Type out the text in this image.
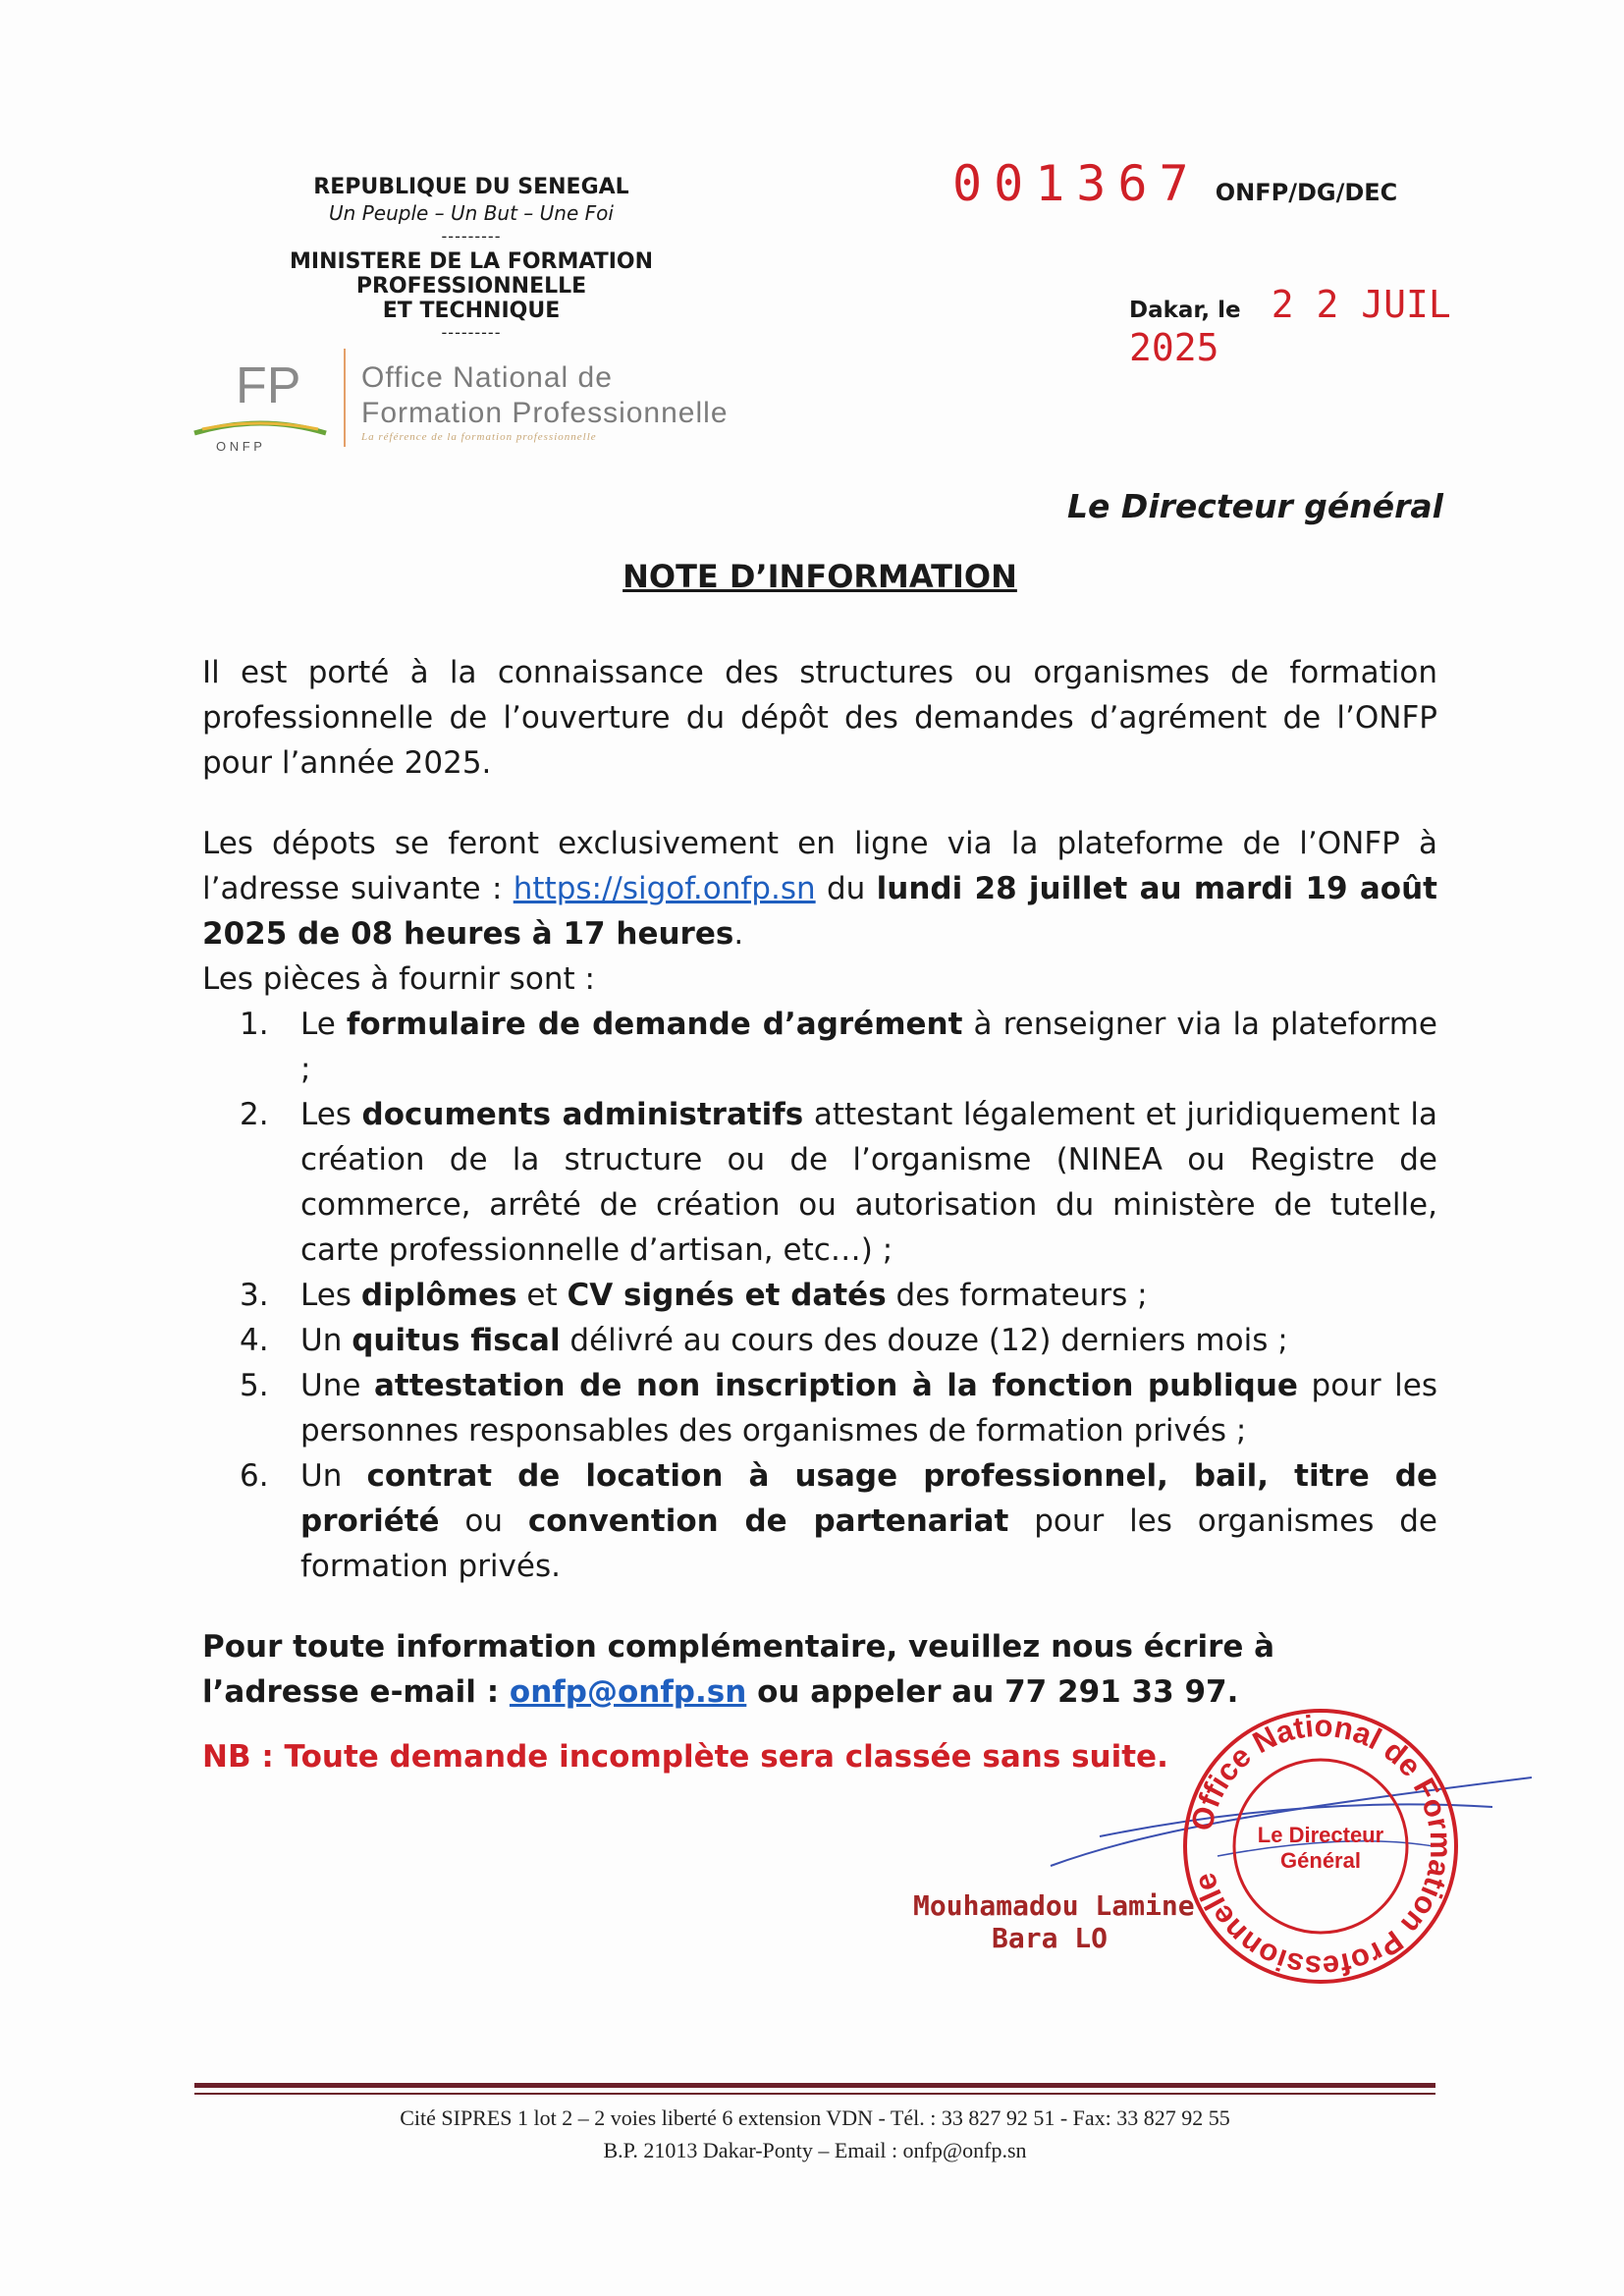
REPUBLIQUE DU SENEGAL
Un Peuple – Un But – Une Foi
---------
MINISTERE DE LA FORMATION PROFESSIONNELLE
ET TECHNIQUE
---------
FP
O N F P
Office National de
Formation Professionnelle
La référence de la formation professionnelle
001367 ONFP/DG/DEC
Dakar, le 2 2 JUIL 2025
Le Directeur général
NOTE D’INFORMATION

Il est porté à la connaissance des structures ou organismes de formation professionnelle de l’ouverture du dépôt des demandes d’agrément de l’ONFP pour l’année 2025.

Les dépots se feront exclusivement en ligne via la plateforme de l’ONFP à l’adresse suivante : https://sigof.onfp.sn du lundi 28 juillet au mardi 19 août 2025 de 08 heures à 17 heures.

Les pièces à fournir sont :

1. Le formulaire de demande d’agrément à renseigner via la plateforme ;
2. Les documents administratifs attestant légalement et juridiquement la création de la structure ou de l’organisme (NINEA ou Registre de commerce, arrêté de création ou autorisation du ministère de tutelle, carte professionnelle d’artisan, etc…) ;
3. Les diplômes et CV signés et datés des formateurs ;
4. Un quitus fiscal délivré au cours des douze (12) derniers mois ;
5. Une attestation de non inscription à la fonction publique pour les personnes responsables des organismes de formation privés ;
6. Un contrat de location à usage professionnel, bail, titre de proriété ou convention de partenariat pour les organismes de formation privés.

Pour toute information complémentaire, veuillez nous écrire à l’adresse e-mail : onfp@onfp.sn ou appeler au 77 291 33 97.

NB : Toute demande incomplète sera classée sans suite.

Mouhamadou Lamine
Bara LO
Office National de Formation Professionnelle
Le Directeur
Général
Cité SIPRES 1 lot 2 – 2 voies liberté 6 extension VDN - Tél. : 33 827 92 51 - Fax: 33 827 92 55
B.P. 21013 Dakar-Ponty – Email : onfp@onfp.sn
